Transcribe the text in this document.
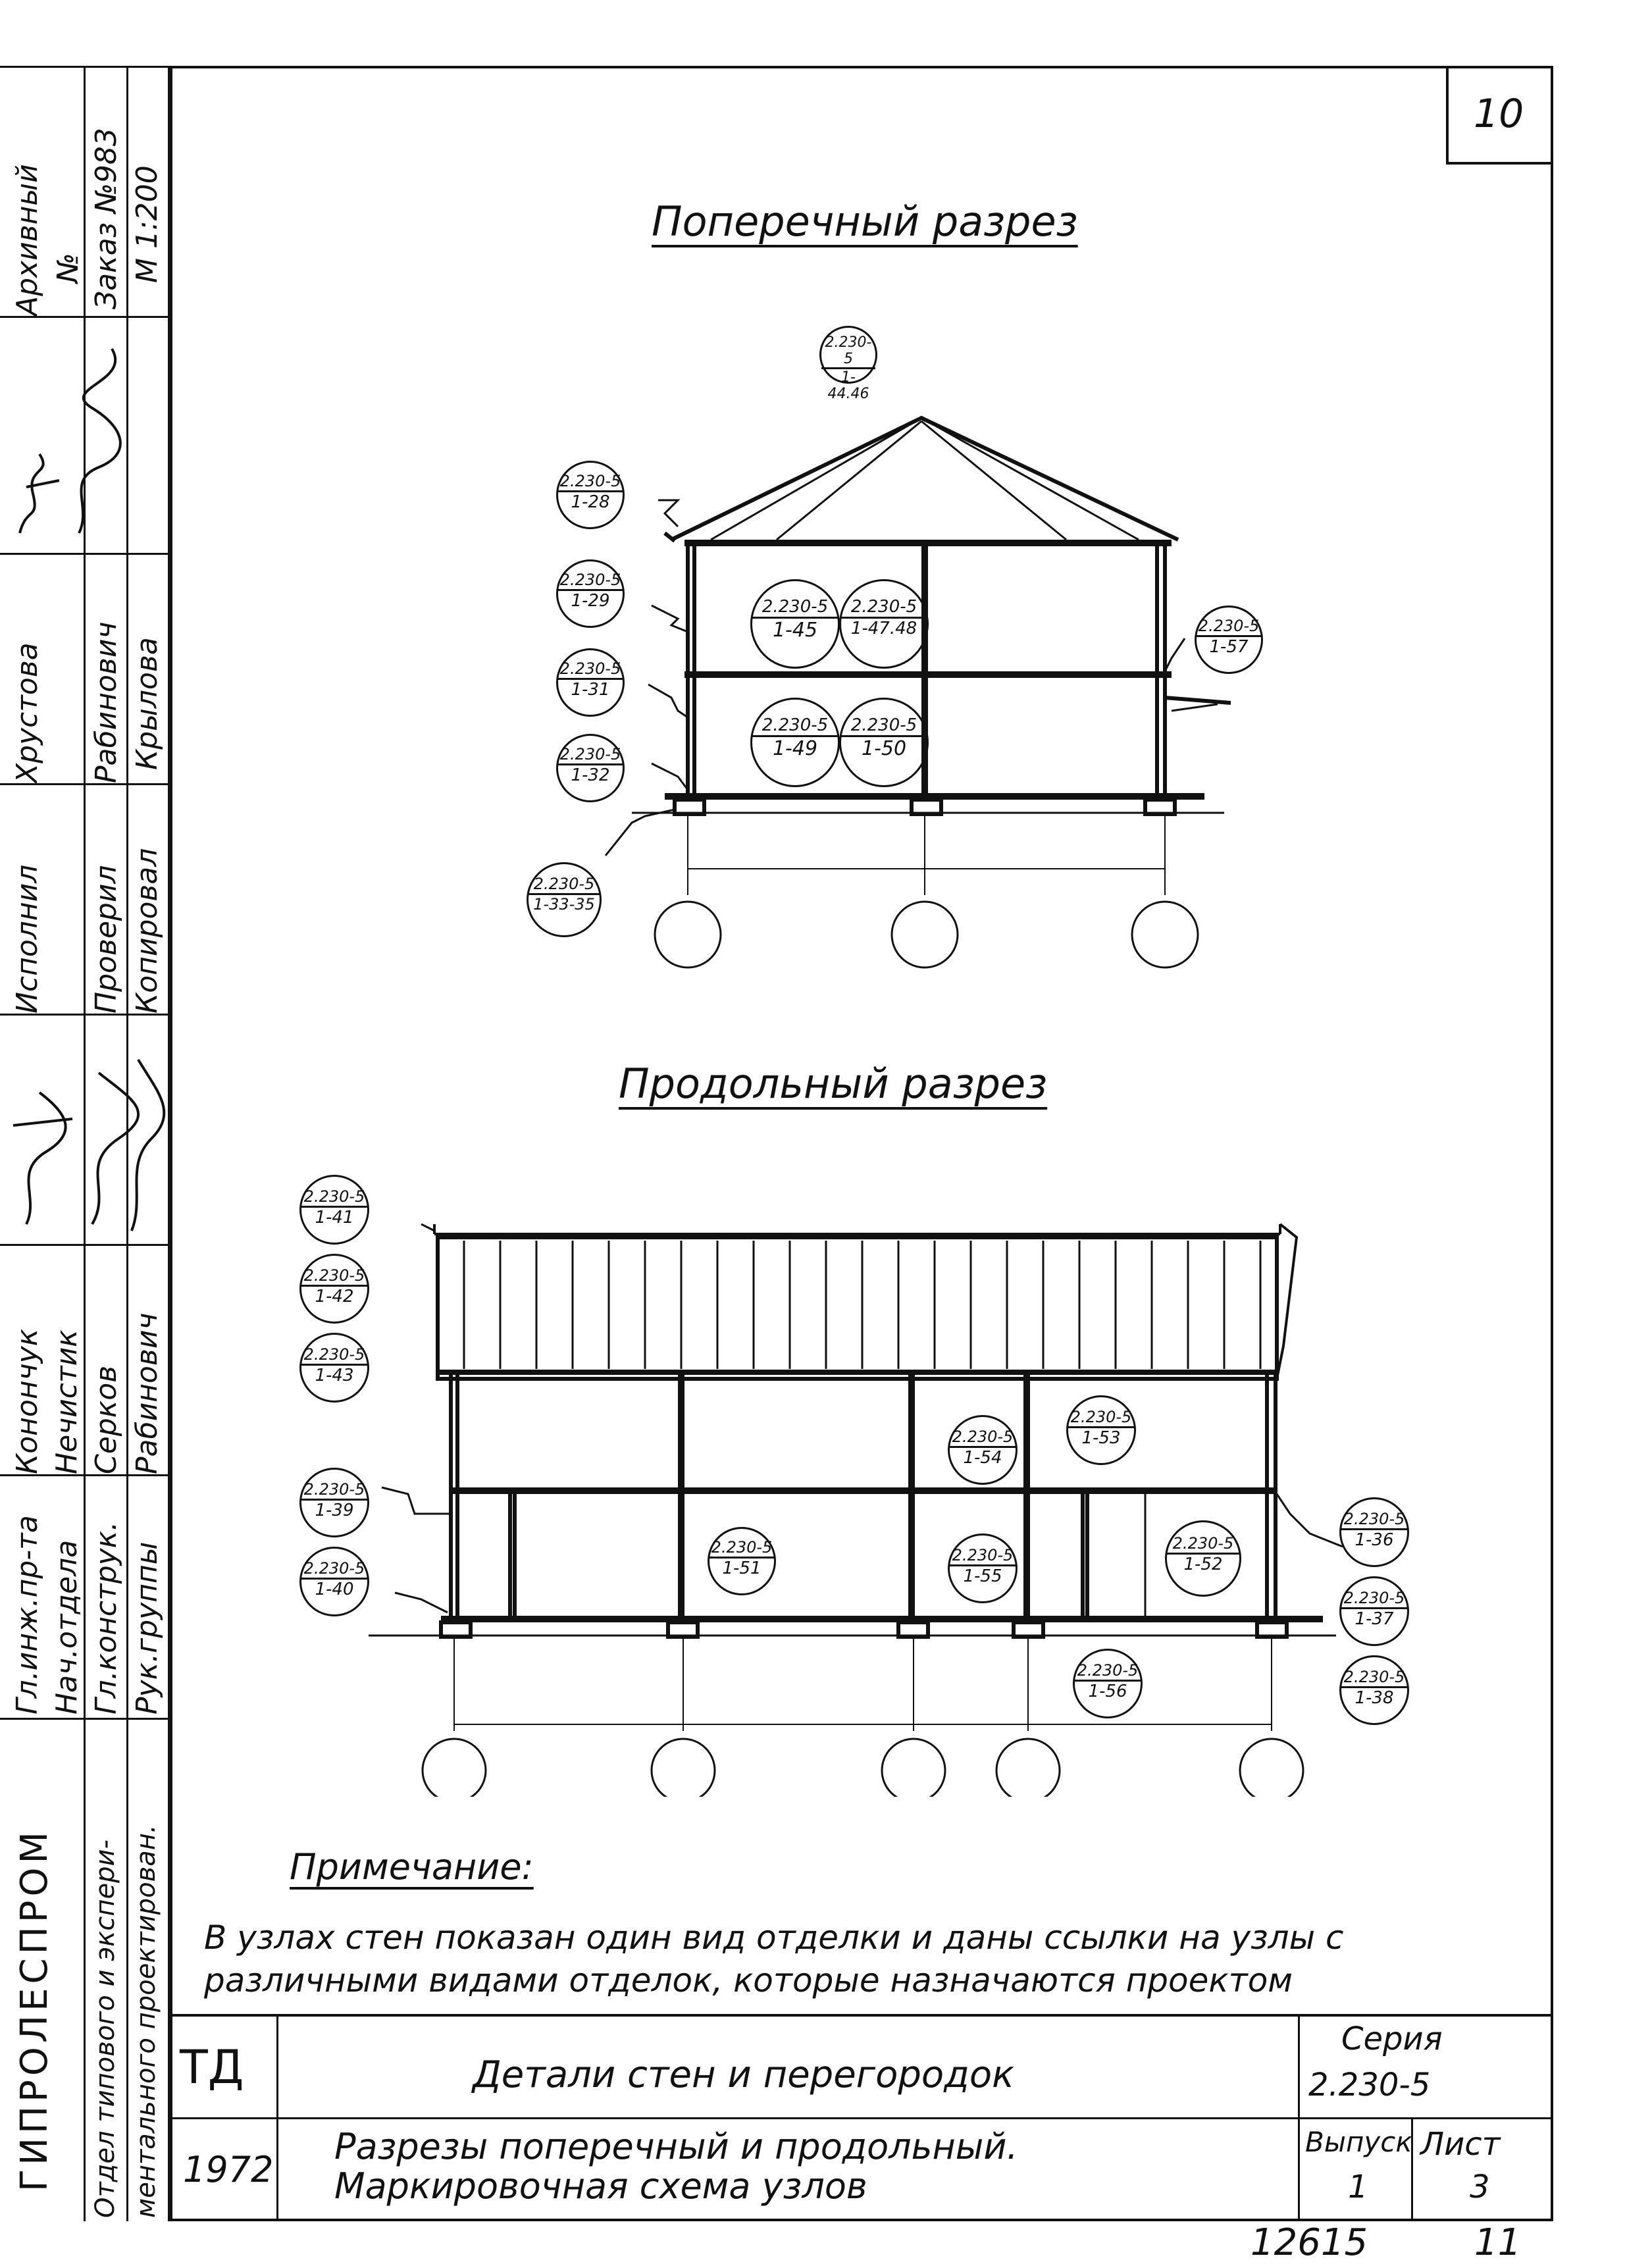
10
Архивный № Заказ №983 М 1:200
Хрустова Рабинович Крылова
Исполнил Проверил Копировал
Конончук Нечистик Серков Рабинович
Гл.инж.пр-та Нач.отдела Гл.конструк. Рук.группы
ГИПРОЛЕСПРОМ Отдел типового и экспери- ментального проектирован.
Поперечный разрез
2.230-5
1-44.46
2.230-5
1-28
2.230-5
1-29
2.230-5
1-31
2.230-5
1-32
2.230-5
1-33-35
2.230-5
1-45
2.230-5
1-47.48
2.230-5
1-49
2.230-5
1-50
2.230-5
1-57
Продольный разрез
2.230-5
1-41
2.230-5
1-42
2.230-5
1-43
2.230-5
1-39
2.230-5
1-40
2.230-5
1-51
2.230-5
1-54
2.230-5
1-53
2.230-5
1-55
2.230-5
1-52
2.230-5
1-56
2.230-5
1-36
2.230-5
1-37
2.230-5
1-38
Примечание:
В узлах стен показан один вид отделки и даны ссылки на узлы с
различными видами отделок, которые назначаются проектом
ТД
1972
Детали стен и перегородок
Разрезы поперечный и продольный.
Маркировочная схема узлов
Серия
2.230-5
Выпуск
1
Лист
3
12615	11
